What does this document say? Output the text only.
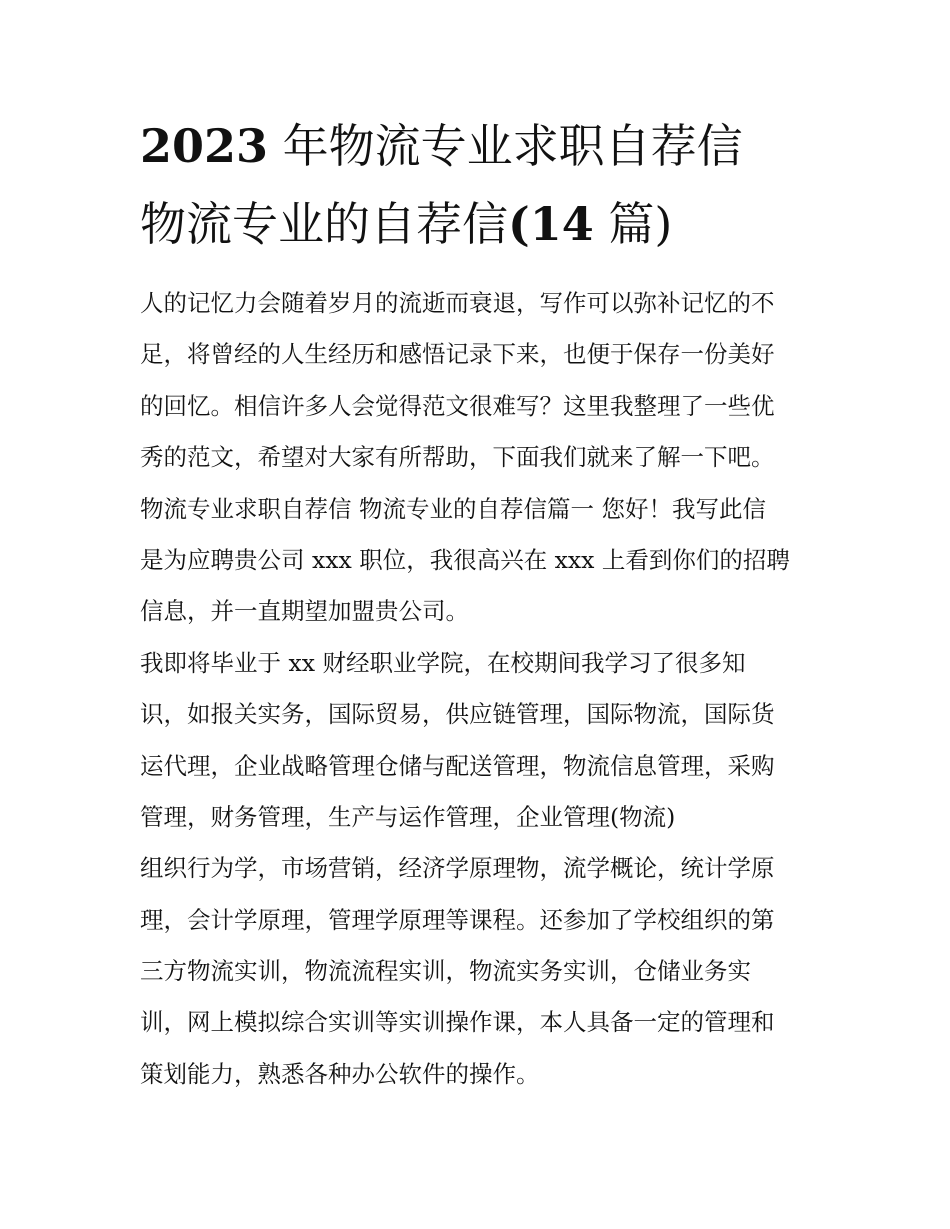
2023 年物流专业求职自荐信
物流专业的自荐信(14 篇)
人的记忆力会随着岁月的流逝而衰退，写作可以弥补记忆的不
足，将曾经的人生经历和感悟记录下来，也便于保存一份美好
的回忆。相信许多人会觉得范文很难写？这里我整理了一些优
秀的范文，希望对大家有所帮助，下面我们就来了解一下吧。
物流专业求职自荐信 物流专业的自荐信篇一 您好！我写此信
是为应聘贵公司 xxx 职位，我很高兴在 xxx 上看到你们的招聘
信息，并一直期望加盟贵公司。
我即将毕业于 xx 财经职业学院，在校期间我学习了很多知
识，如报关实务，国际贸易，供应链管理，国际物流，国际货
运代理，企业战略管理仓储与配送管理，物流信息管理，采购
管理，财务管理，生产与运作管理，企业管理(物流)
组织行为学，市场营销，经济学原理物，流学概论，统计学原
理，会计学原理，管理学原理等课程。还参加了学校组织的第
三方物流实训，物流流程实训，物流实务实训，仓储业务实
训，网上模拟综合实训等实训操作课，本人具备一定的管理和
策划能力，熟悉各种办公软件的操作。
